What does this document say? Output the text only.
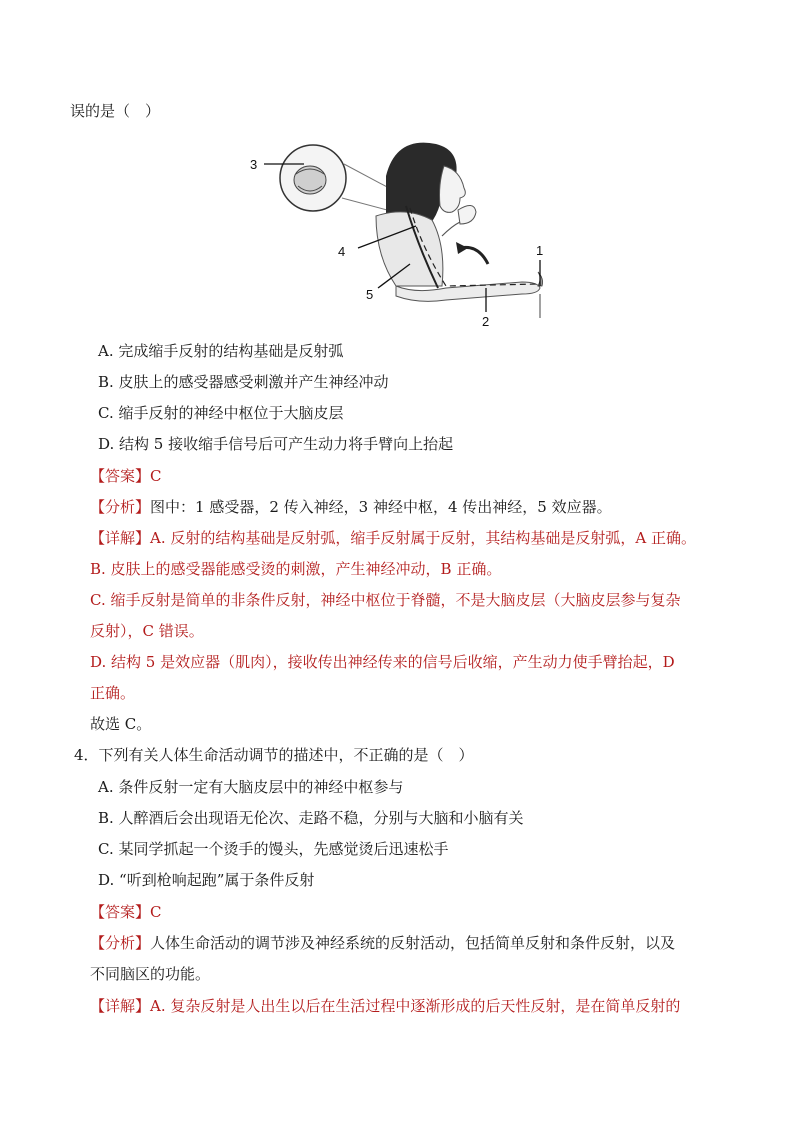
误的是（　）
3
4
5
1
2
A. 完成缩手反射的结构基础是反射弧
B. 皮肤上的感受器感受刺激并产生神经冲动
C. 缩手反射的神经中枢位于大脑皮层
D. 结构 5 接收缩手信号后可产生动力将手臂向上抬起
【答案】C
【分析】图中：1 感受器，2 传入神经，3 神经中枢，4 传出神经，5 效应器。
【详解】A. 反射的结构基础是反射弧，缩手反射属于反射，其结构基础是反射弧，A 正确。
B. 皮肤上的感受器能感受烫的刺激，产生神经冲动，B 正确。
C. 缩手反射是简单的非条件反射，神经中枢位于脊髓，不是大脑皮层（大脑皮层参与复杂
反射），C 错误。
D. 结构 5 是效应器（肌肉），接收传出神经传来的信号后收缩，产生动力使手臂抬起，D
正确。
故选 C。
4．下列有关人体生命活动调节的描述中，不正确的是（　）
A. 条件反射一定有大脑皮层中的神经中枢参与
B. 人醉酒后会出现语无伦次、走路不稳，分别与大脑和小脑有关
C. 某同学抓起一个烫手的馒头，先感觉烫后迅速松手
D. “听到枪响起跑”属于条件反射
【答案】C
【分析】人体生命活动的调节涉及神经系统的反射活动，包括简单反射和条件反射，以及
不同脑区的功能。
【详解】A. 复杂反射是人出生以后在生活过程中逐渐形成的后天性反射，是在简单反射的
